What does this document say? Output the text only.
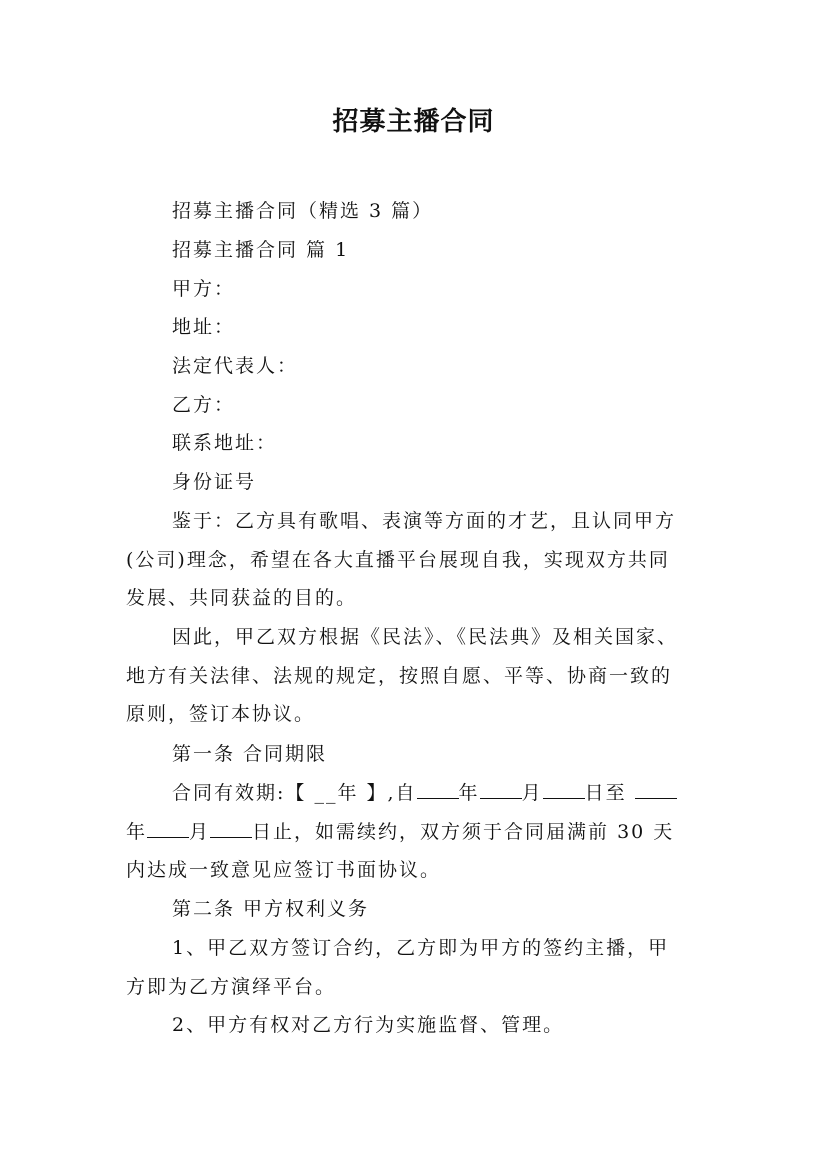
招募主播合同
招募主播合同（精选 3 篇）
招募主播合同 篇 1
甲方：
地址：
法定代表人：
乙方：
联系地址：
身份证号
鉴于：乙方具有歌唱、表演等方面的才艺，且认同甲方
(公司)理念，希望在各大直播平台展现自我，实现双方共同
发展、共同获益的目的。
因此，甲乙双方根据《民法》、《民法典》及相关国家、
地方有关法律、法规的规定，按照自愿、平等、协商一致的
原则，签订本协议。
第一条 合同期限
合同有效期:【 __年 】,自 年 月 日至
年 月 日止，如需续约，双方须于合同届满前 30 天
内达成一致意见应签订书面协议。
第二条 甲方权利义务
1、甲乙双方签订合约，乙方即为甲方的签约主播，甲
方即为乙方演绎平台。
2、甲方有权对乙方行为实施监督、管理。
